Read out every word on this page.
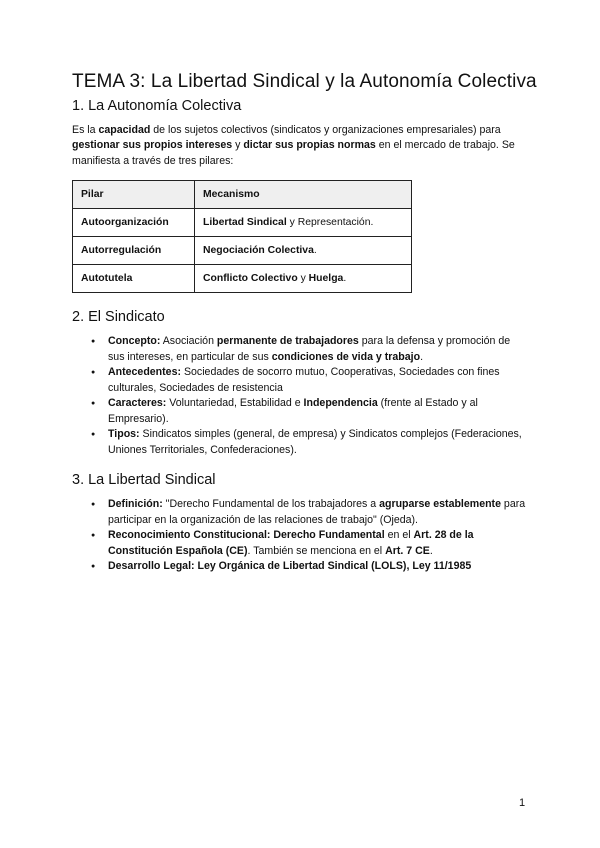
TEMA 3: La Libertad Sindical y la Autonomía Colectiva
1. La Autonomía Colectiva

Es la capacidad de los sujetos colectivos (sindicatos y organizaciones empresariales) para gestionar sus propios intereses y dictar sus propias normas en el mercado de trabajo. Se manifiesta a través de tres pilares:

Pilar	Mecanismo
Autoorganización	Libertad Sindical y Representación.
Autorregulación	Negociación Colectiva.
Autotutela	Conflicto Colectivo y Huelga.
2. El Sindicato
● Concepto: Asociación permanente de trabajadores para la defensa y promoción de sus intereses, en particular de sus condiciones de vida y trabajo.
● Antecedentes: Sociedades de socorro mutuo, Cooperativas, Sociedades con fines culturales, Sociedades de resistencia
● Caracteres: Voluntariedad, Estabilidad e Independencia (frente al Estado y al Empresario).
● Tipos: Sindicatos simples (general, de empresa) y Sindicatos complejos (Federaciones, Uniones Territoriales, Confederaciones).
3. La Libertad Sindical
● Definición: "Derecho Fundamental de los trabajadores a agruparse establemente para participar en la organización de las relaciones de trabajo" (Ojeda).
● Reconocimiento Constitucional: Derecho Fundamental en el Art. 28 de la Constitución Española (CE). También se menciona en el Art. 7 CE.
● Desarrollo Legal: Ley Orgánica de Libertad Sindical (LOLS), Ley 11/1985
1
